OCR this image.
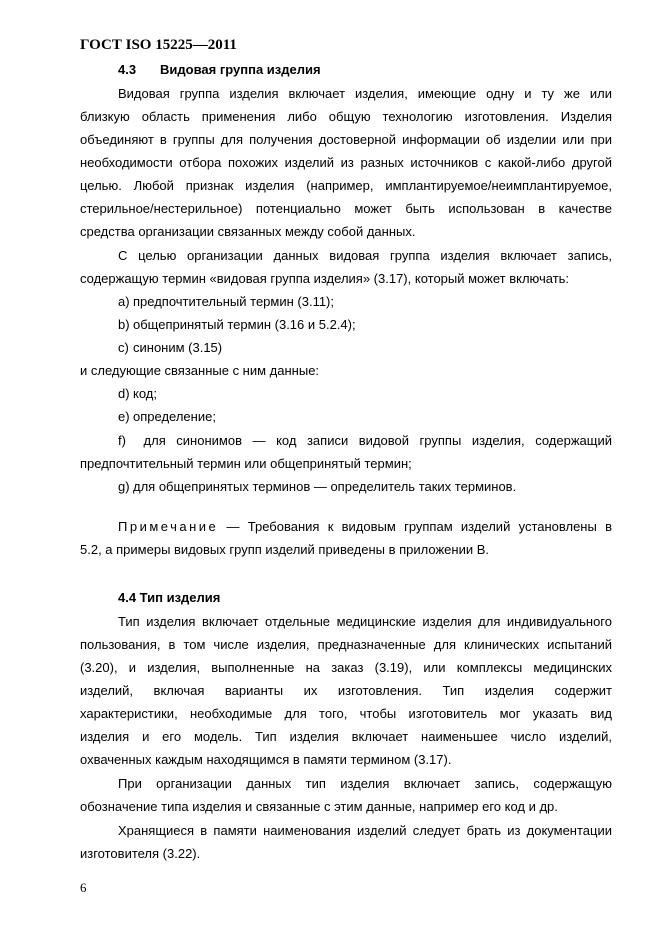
ГОСТ ISO 15225—2011
4.3 Видовая группа изделия
Видовая группа изделия включает изделия, имеющие одну и ту же или
близкую область применения либо общую технологию изготовления. Изделия
объединяют в группы для получения достоверной информации об изделии или при
необходимости отбора похожих изделий из разных источников с какой-либо другой
целью. Любой признак изделия (например, имплантируемое/неимплантируемое,
стерильное/нестерильное) потенциально может быть использован в качестве
средства организации связанных между собой данных.
С целью организации данных видовая группа изделия включает запись,
содержащую термин «видовая группа изделия» (3.17), который может включать:
a) предпочтительный термин (3.11);
b) общепринятый термин (3.16 и 5.2.4);
c) синоним (3.15)
и следующие связанные с ним данные:
d) код;
e) определение;
f) для синонимов — код записи видовой группы изделия, содержащий
предпочтительный термин или общепринятый термин;
g) для общепринятых терминов — определитель таких терминов.
Примечание — Требования к видовым группам изделий установлены в
5.2, а примеры видовых групп изделий приведены в приложении В.
4.4 Тип изделия
Тип изделия включает отдельные медицинские изделия для индивидуального
пользования, в том числе изделия, предназначенные для клинических испытаний
(3.20), и изделия, выполненные на заказ (3.19), или комплексы медицинских
изделий, включая варианты их изготовления. Тип изделия содержит
характеристики, необходимые для того, чтобы изготовитель мог указать вид
изделия и его модель. Тип изделия включает наименьшее число изделий,
охваченных каждым находящимся в памяти термином (3.17).
При организации данных тип изделия включает запись, содержащую
обозначение типа изделия и связанные с этим данные, например его код и др.
Хранящиеся в памяти наименования изделий следует брать из документации
изготовителя (3.22).
6
